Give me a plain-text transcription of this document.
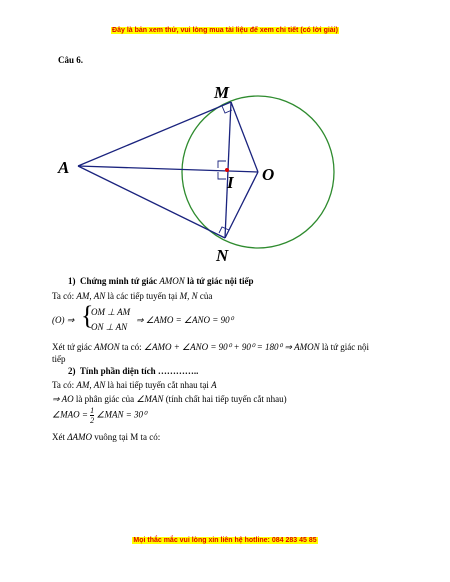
Đây là bản xem thử, vui lòng mua tài liệu để xem chi tiết (có lời giải)
Câu 6.
A
M
O
I
N
1) Chứng minh tứ giác AMON là tứ giác nội tiếp
Ta có: AM, AN là các tiếp tuyến tại M, N của
(O) ⇒ {
OM ⊥ AM
ON ⊥ AN
⇒ ∠AMO = ∠ANO = 90⁰
Xét tứ giác AMON ta có: ∠AMO + ∠ANO = 90⁰ + 90⁰ = 180⁰ ⇒ AMON là tứ giác nội
tiếp
2) Tính phần diện tích …………..
Ta có: AM, AN là hai tiếp tuyến cắt nhau tại A
⇒ AO là phân giác của ∠MAN (tính chất hai tiếp tuyến cắt nhau)
∠MAO = $\frac{1}{2}$ ∠MAN = 30⁰
Xét ΔAMO vuông tại M ta có:
Mọi thắc mắc vui lòng xin liên hệ hotline: 084 283 45 85
